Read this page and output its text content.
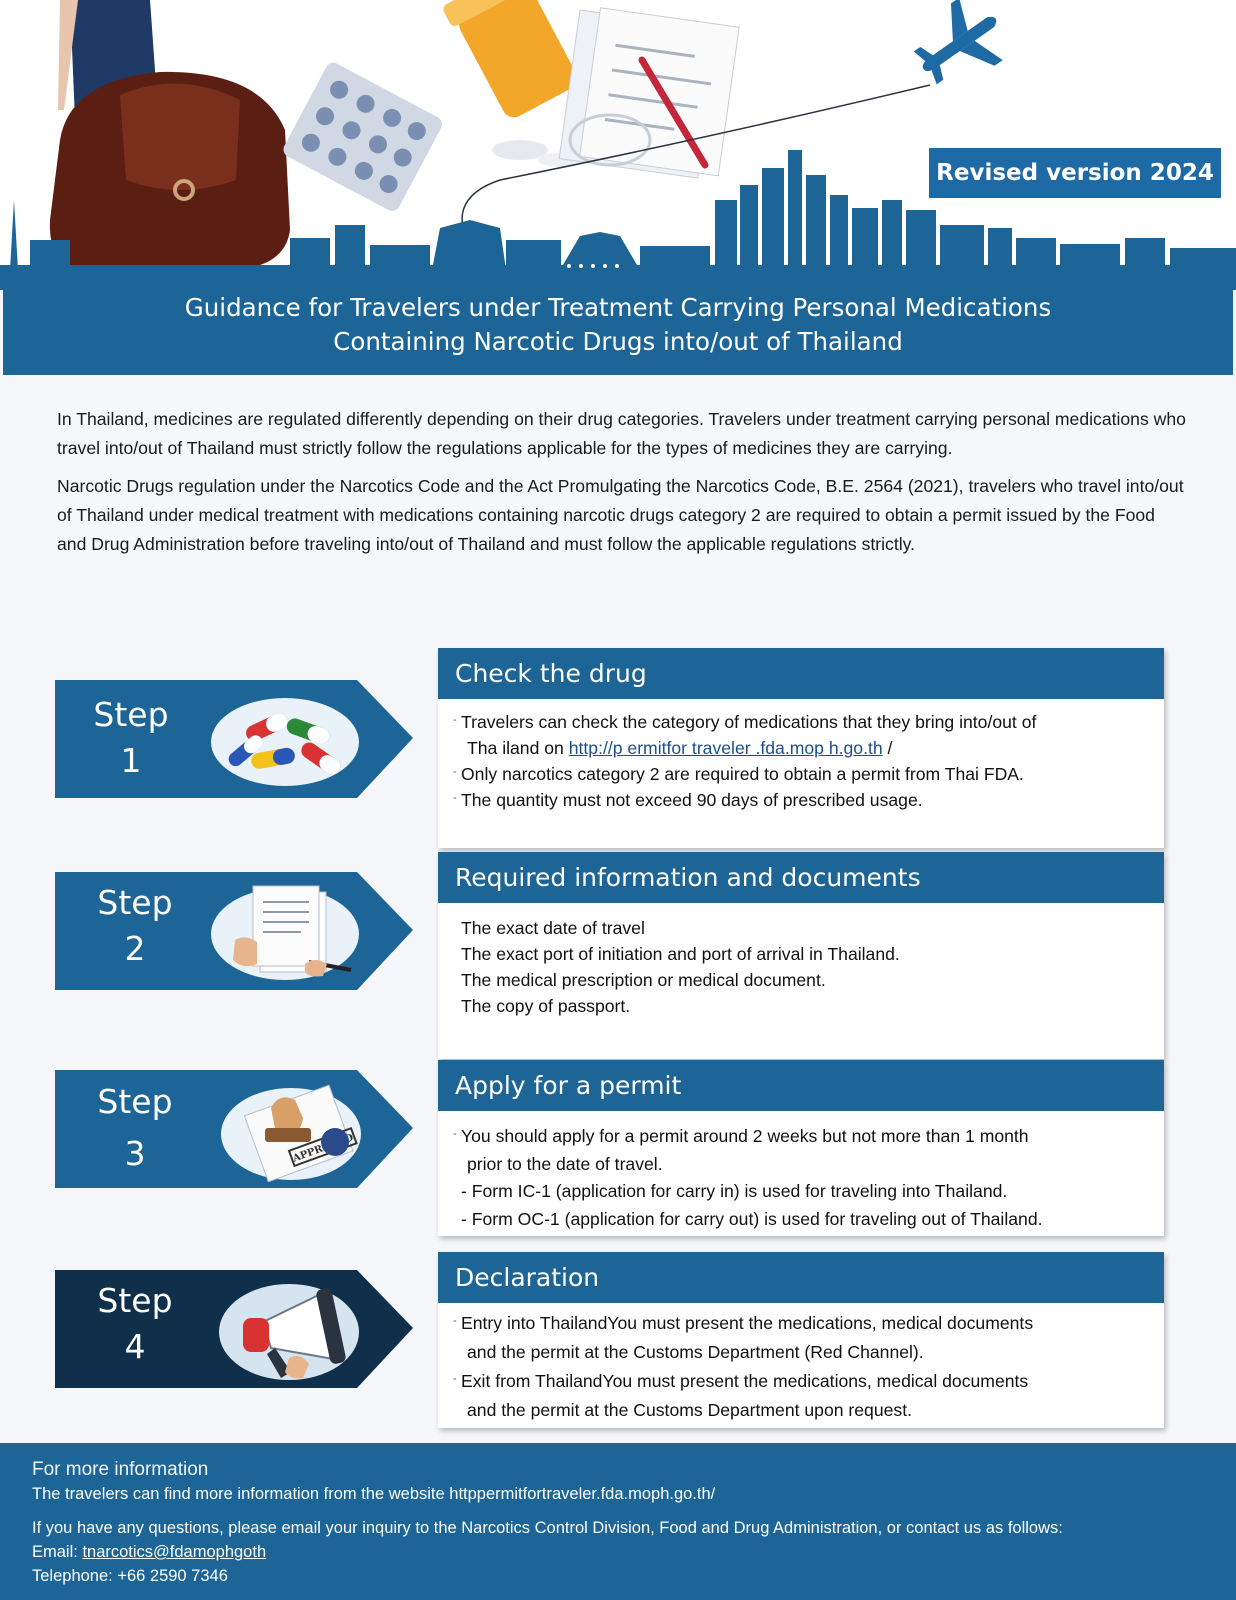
Revised version 2024
Guidance for Travelers under Treatment Carrying Personal Medications
Containing Narcotic Drugs into/out of Thailand

In Thailand, medicines are regulated differently depending on their drug categories. Travelers under treatment carrying personal medications who travel into/out of Thailand must strictly follow the regulations applicable for the types of medicines they are carrying.

Narcotic Drugs regulation under the Narcotics Code and the Act Promulgating the Narcotics Code, B.E. 2564 (2021), travelers who travel into/out of Thailand under medical treatment with medications containing narcotic drugs category 2 are required to obtain a permit issued by the Food and Drug Administration before traveling into/out of Thailand and must follow the applicable regulations strictly.

Step
1
Check the drug
- Travelers can check the category of medications that they bring into/out of
Tha iland on http://p ermitfor traveler .fda.mop h.go.th /
- Only narcotics category 2 are required to obtain a permit from Thai FDA.
- The quantity must not exceed 90 days of prescribed usage.
Step
2
Required information and documents
The exact date of travel
The exact port of initiation and port of arrival in Thailand.
The medical prescription or medical document.
The copy of passport.
Step
3
Apply for a permit
- You should apply for a permit around 2 weeks but not more than 1 month
prior to the date of travel.
- Form IC-1 (application for carry in) is used for traveling into Thailand.
- Form OC-1 (application for carry out) is used for traveling out of Thailand.
Step
4
Declaration
- Entry into ThailandYou must present the medications, medical documents
and the permit at the Customs Department (Red Channel).
- Exit from ThailandYou must present the medications, medical documents
and the permit at the Customs Department upon request.
For more information
The travelers can find more information from the website httppermitfortraveler.fda.moph.go.th/
If you have any questions, please email your inquiry to the Narcotics Control Division, Food and Drug Administration, or contact us as follows:
Email: tnarcotics@fdamophgoth
Telephone: +66 2590 7346
